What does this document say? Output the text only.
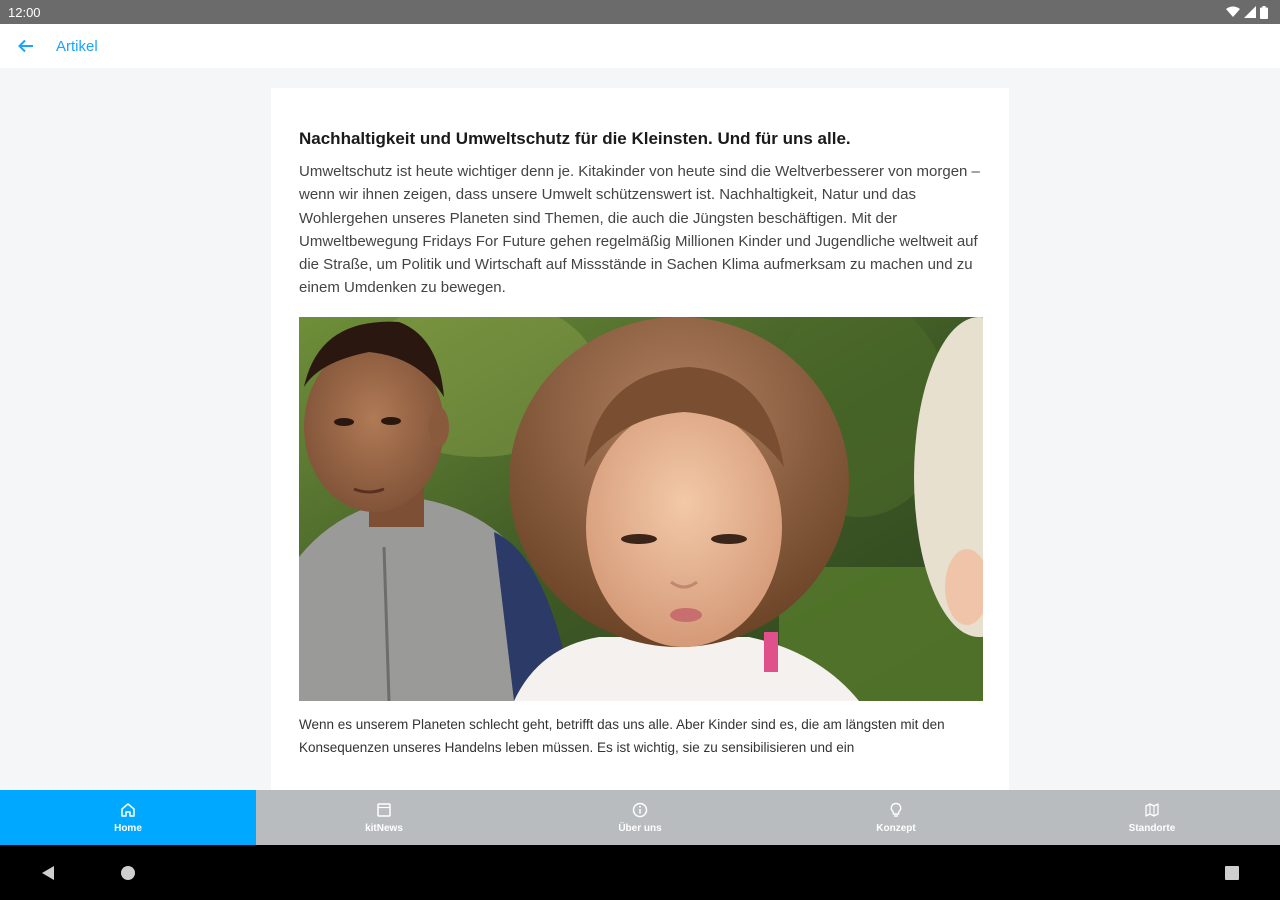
12:00
Artikel
Nachhaltigkeit und Umweltschutz für die Kleinsten. Und für uns alle.

Umweltschutz ist heute wichtiger denn je. Kitakinder von heute sind die Weltverbesserer von morgen – wenn wir ihnen zeigen, dass unsere Umwelt schützenswert ist. Nachhaltigkeit, Natur und das Wohlergehen unseres Planeten sind Themen, die auch die Jüngsten beschäftigen. Mit der Umweltbewegung Fridays For Future gehen regelmäßig Millionen Kinder und Jugendliche weltweit auf die Straße, um Politik und Wirtschaft auf Missstände in Sachen Klima aufmerksam zu machen und zu einem Umdenken zu bewegen.

Wenn es unserem Planeten schlecht geht, betrifft das uns alle. Aber Kinder sind es, die am längsten mit den Konsequenzen unseres Handelns leben müssen. Es ist wichtig, sie zu sensibilisieren und ein

Home	kitNews	Über uns	Konzept	Standorte
